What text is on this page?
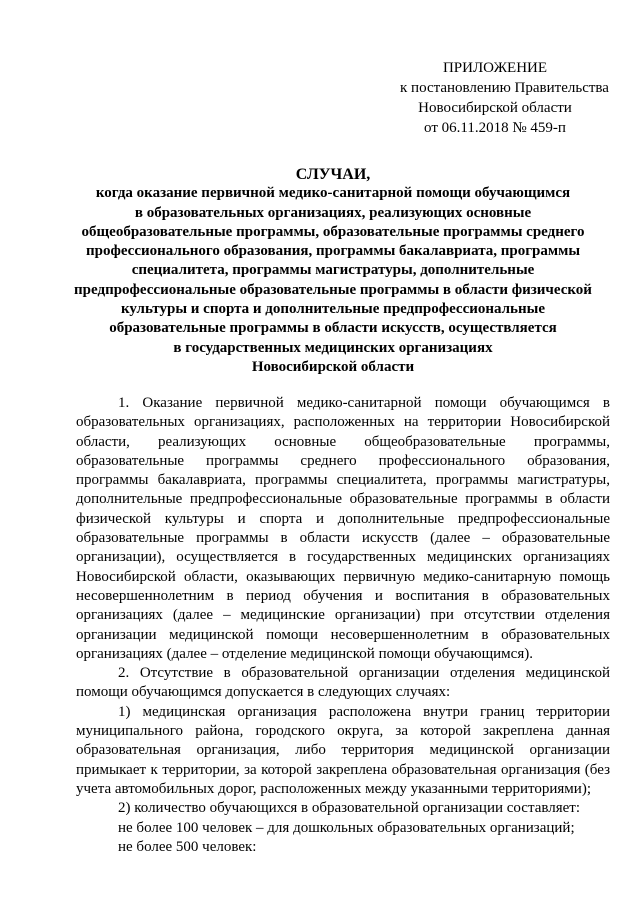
ПРИЛОЖЕНИЕ
к постановлению Правительства
Новосибирской области
от 06.11.2018 № 459-п
СЛУЧАИ,
когда оказание первичной медико-санитарной помощи обучающимся
в образовательных организациях, реализующих основные
общеобразовательные программы, образовательные программы среднего
профессионального образования, программы бакалавриата, программы
специалитета, программы магистратуры, дополнительные
предпрофессиональные образовательные программы в области физической
культуры и спорта и дополнительные предпрофессиональные
образовательные программы в области искусств, осуществляется
в государственных медицинских организациях
Новосибирской области

1. Оказание первичной медико-санитарной помощи обучающимся в образовательных организациях, расположенных на территории Новосибирской области, реализующих основные общеобразовательные программы, образовательные программы среднего профессионального образования, программы бакалавриата, программы специалитета, программы магистратуры, дополнительные предпрофессиональные образовательные программы в области физической культуры и спорта и дополнительные предпрофессиональные образовательные программы в области искусств (далее – образовательные организации), осуществляется в государственных медицинских организациях Новосибирской области, оказывающих первичную медико-санитарную помощь несовершеннолетним в период обучения и воспитания в образовательных организациях (далее – медицинские организации) при отсутствии отделения организации медицинской помощи несовершеннолетним в образовательных организациях (далее – отделение медицинской помощи обучающимся).

2. Отсутствие в образовательной организации отделения медицинской помощи обучающимся допускается в следующих случаях:

1) медицинская организация расположена внутри границ территории муниципального района, городского округа, за которой закреплена данная образовательная организация, либо территория медицинской организации примыкает к территории, за которой закреплена образовательная организация (без учета автомобильных дорог, расположенных между указанными территориями);

2) количество обучающихся в образовательной организации составляет:

не более 100 человек – для дошкольных образовательных организаций;

не более 500 человек:
